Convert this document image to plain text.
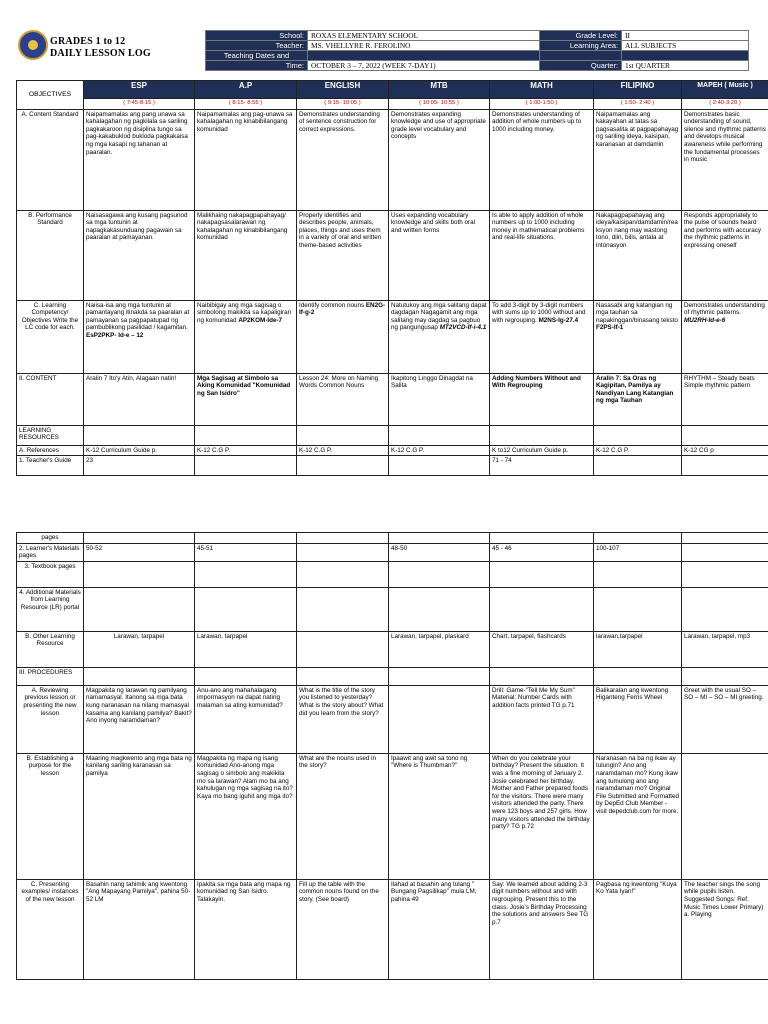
GRADES 1 to 12
DAILY LESSON LOG
School:	ROXAS ELEMENTARY SCHOOL	Grade Level:	II
Teacher:	MS. VHELLYRE R. FEROLINO	Learning Area:	ALL SUBJECTS
Teaching Dates and			
Time:	OCTOBER 3 – 7, 2022 (WEEK 7-DAY1)	Quarter:	1st QUARTER
OBJECTIVES	ESP	A.P	ENGLISH	MTB	MATH	FILIPINO	MAPEH ( Music )
	( 7:45-8:15 )	( 8:15- 8:55 )	( 9:15- 10:05 )	( 10:05- 10:55 )	( 1:00-1:50 )	( 1:50- 2:40 )	( 2:40-3:20 )
A. Content Standard	Naipamamalas ang pang unawa sa kahalagahan ng pagkilala sa sariling pagkakaroon ng disiplina tungo sa pag-kakabuklod bukloda pagkakaisa ng mga kasapi ng tahanan at paaralan.	Naipamamalas ang pag-unawa sa kahalagahan ng kinabibilangang komunidad	Demonstrates understanding of sentence construction for correct expressions.	Demonstrates expanding knowledge and use of appropriate grade level vocabulary and concepts	Demonstrates understanding of addition of whole numbers up to 1000 including money.	Naipamamalas ang kakayahan at tatas sa pagsasalita at pagpapahayag ng sariling ideya, kaisipan, karanasan at damdamin	Demonstrates basic understanding of sound, silence and rhythmic patterns and develops musical awareness while performing the fundamental processes in music
B. Performance Standard	Naisasagawa ang kusang pagsunod sa mga tuntunin at napagkakasunduang pagawain sa paaralan at pamayanan.	Malikhaing nakapagpapahayag/ nakapagsasalarawan ng kahalagahan ng kinabibilangang komunidad	Properly identifies and describes people, animals, places, things and uses them in a variety of oral and written theme-based activities	Uses expanding vocabulary knowledge and skills both oral and written forms	Is able to apply addition of whole numbers up to 1000 including money in mathematical problems and real-life situations.	Nakapagpapahayag ang ideya/kaisipan/damdamin/reaksyon nang may wastong tono, diin, bilis, antala at intonasyon	Responds appropriately to the pulse of sounds heard and performs with accuracy the rhythmic patterns in expressing oneself
C. Learning Competency/ Objectives Write the LC code for each.	Naiisa-isa ang mga tuntunin at pamantayang itinakda sa paaralan at pamayanan sa pagpapatupad ng pambublikong pasilidad / kagamitan. EsP2PKP- Id-e – 12	Naibibigay ang mga sagisag o simbolong makikita sa kapaligiran ng komunidad AP2KOM-Ide-7	Identify common nouns EN2G-If-g-2	Natutukoy ang mga salitang dapat dagdagan Nagagamit ang mga salitang may dagdag sa pagbuo ng pangungusap MT2VCD-If-i-4.1	To add 3-digit by 3-digit numbers with sums up to 1000 without and with regrouping. M2NS-Ig-27.4	Nasasabi ang katangian ng mga tauhan sa napakinggan/binasang teksto F2PS-If-1	Demonstrates understanding of rhythmic patterns. MU2RH-Id-e-6
II. CONTENT	Aralin 7 Ito'y Atin, Alagaan natin!	Mga Sagisag at Simbolo sa Aking Komunidad "Komunidad ng San Isidro"	Lesson 24: More on Naming Words Common Nouns	Ikapitong Linggo Dinagdat na Salita	Adding Numbers Without and With Regrouping	Aralin 7: Sa Oras ng Kagipitan, Pamilya ay Nandiyan Lang Katangian ng mga Tauhan	RHYTHM – Steady beats Simple rhythmic pattern
LEARNING RESOURCES							
A. References	K-12 Curriculum Guide p.	K-12 C.G P.	K-12 C.G P.	K-12 C.G P.	K to12 Curriculum Guide p.	K-12 C.G P.	K-12 CG p
1. Teacher's Guide	23				71 - 74		
pages							
2. Learner's Materials pages	50-52	45-51		48-50	45 - 46	100-107	
3. Textbook pages							
4. Additional Materials from Learning Resource (LR) portal							
B. Other Learning Resource	Larawan, tarpapel	Larawan, tarpapel		Larawan, tarpapel, plaskard	Chart, tarpapel, flashcards	larawan,tarpapel	Larawan, tarpapel, mp3
III. PROCEDURES							
A. Reviewing previous lesson or presenting the new lesson	Magpakita ng larawan ng pamilyang namamasyal. Itanong sa mga bata kung naranasan na nilang mamasyal kasama ang kanilang pamilya? Bakit? Ano inyong naramdaman?	Anu-ano ang mahahalagang impormasyon na dapat nating malaman sa ating komunidad?	What is the title of the story you listened to yesterday? What is the story about? What did you learn from the story?		Drill: Game-"Tell Me My Sum" Material: Number Cards with addition facts printed TG p.71	Balikaralan ang kwentong Higanteng Ferris Wheel	Greet with the usual SO – SO – MI – SO – MI greeting.
B. Establishing a purpose for the lesson	Maaring magkwento ang mga bata ng kanilang sariling karanasan sa pamilya	Magpakita ng mapa ng isang komunidad Ano-anong mga sagisag o simbolo ang makikita mo sa larawan? Alam mo ba ang kahulugan ng mga sagisag na ito? Kaya mo bang iguhit ang mga ito?	What are the nouns used in the story?	Ipaawit ang awit sa tono ng "Where is Thumbman?"	When do you celebrate your birthday? Present the situation. It was a fine morning of January 2. Josie celebrated her birthday. Mother and Father prepared foods for the visitors. There were many visitors attended the party. There were 123 boys and 257 girls. How many visitors attended the birthday party? TG p.72	Naranasan na ba ng ikaw ay tulungin? Ano ang naramdaman mo? Kung ikaw ang tumulong ano ang naramdaman mo? Original File Submitted and Formatted by DepEd Club Member - visit depedclub.com for more.	
C. Presenting examples/ instances of the new lesson	Basahin nang tahimik ang kwentong "Ang Mapayang Pamilya", pahina 50-52 LM	Ipakita sa mga bata ang mapa ng komunidad ng San Isidro. Talakayin.	Fill up the table with the common nouns found on the story. (See board)	Ilahad at basahin ang tulang " Bungang Pagsilikap" mula LM, pahina 49	Say: We learned about adding 2-3 digit numbers without and with regrouping. Present this to the class. Josie's Birthday Processing the solutions and answers See TG p.7	Pagbasa ng kwentong "Kuya Ko Yata Iyan!"	The teacher sings the song while pupils listen. Suggested Songs: Ref. Music Times Lower Primary) a. Playing
